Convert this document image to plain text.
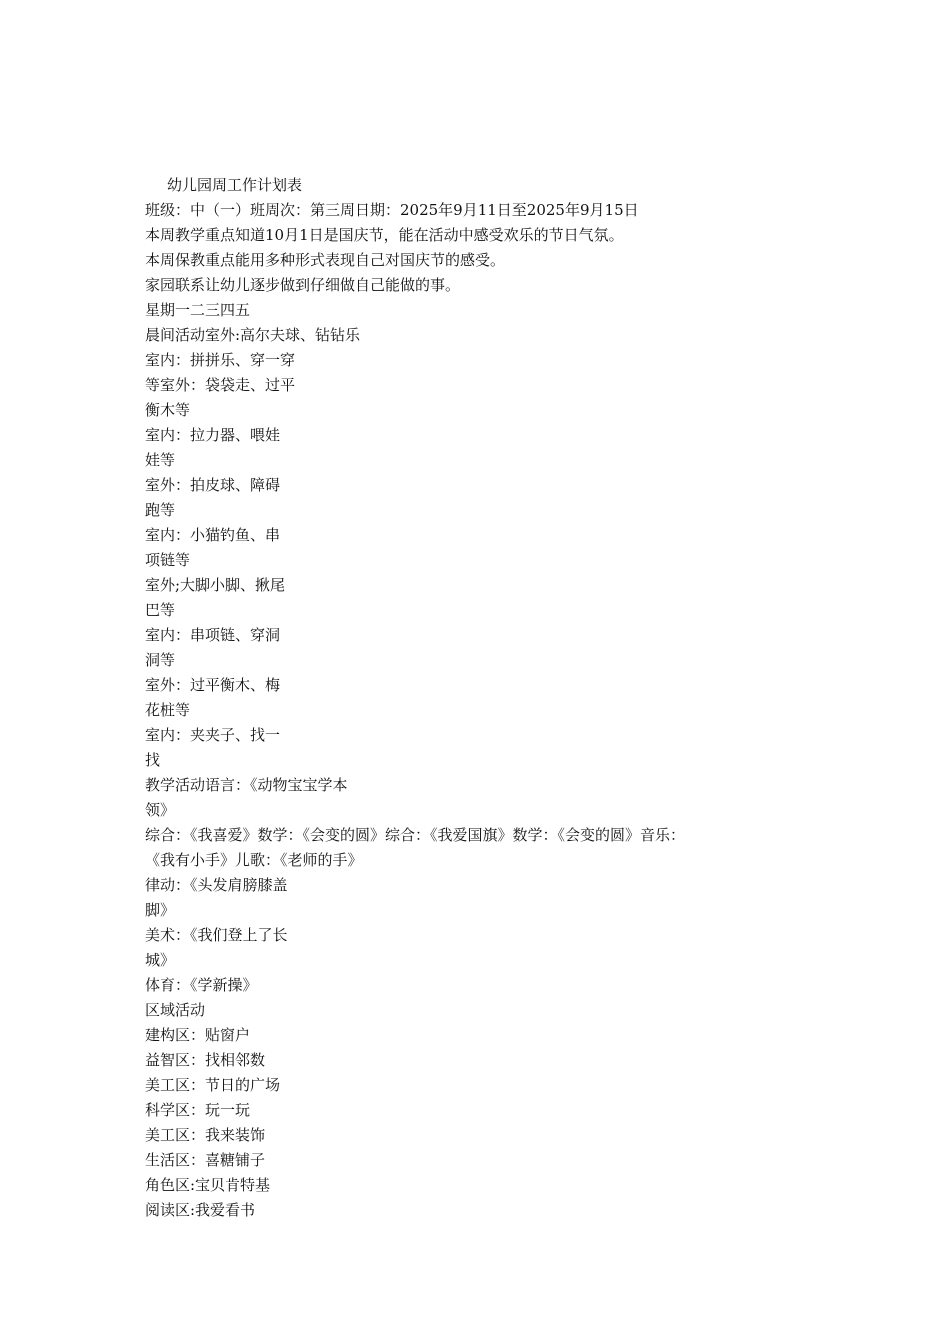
幼儿园周工作计划表
班级：中（一）班周次：第三周日期：2025年9月11日至2025年9月15日
本周教学重点知道10月1日是国庆节，能在活动中感受欢乐的节日气氛。
本周保教重点能用多种形式表现自己对国庆节的感受。
家园联系让幼儿逐步做到仔细做自己能做的事。
星期一二三四五
晨间活动室外:高尔夫球、钻钻乐
室内：拼拼乐、穿一穿
等室外：袋袋走、过平
衡木等
室内：拉力器、喂娃
娃等
室外：拍皮球、障碍
跑等
室内：小猫钓鱼、串
项链等
室外;大脚小脚、揪尾
巴等
室内：串项链、穿洞
洞等
室外：过平衡木、梅
花桩等
室内：夹夹子、找一
找
教学活动语言：《动物宝宝学本
领》
综合：《我喜爱》数学：《会变的圆》综合：《我爱国旗》数学：《会变的圆》音乐：
《我有小手》儿歌：《老师的手》
律动：《头发肩膀膝盖
脚》
美术：《我们登上了长
城》
体育：《学新操》
区域活动
建构区：贴窗户
益智区：找相邻数
美工区：节日的广场
科学区：玩一玩
美工区：我来装饰
生活区：喜糖铺子
角色区:宝贝肯特基
阅读区:我爱看书
